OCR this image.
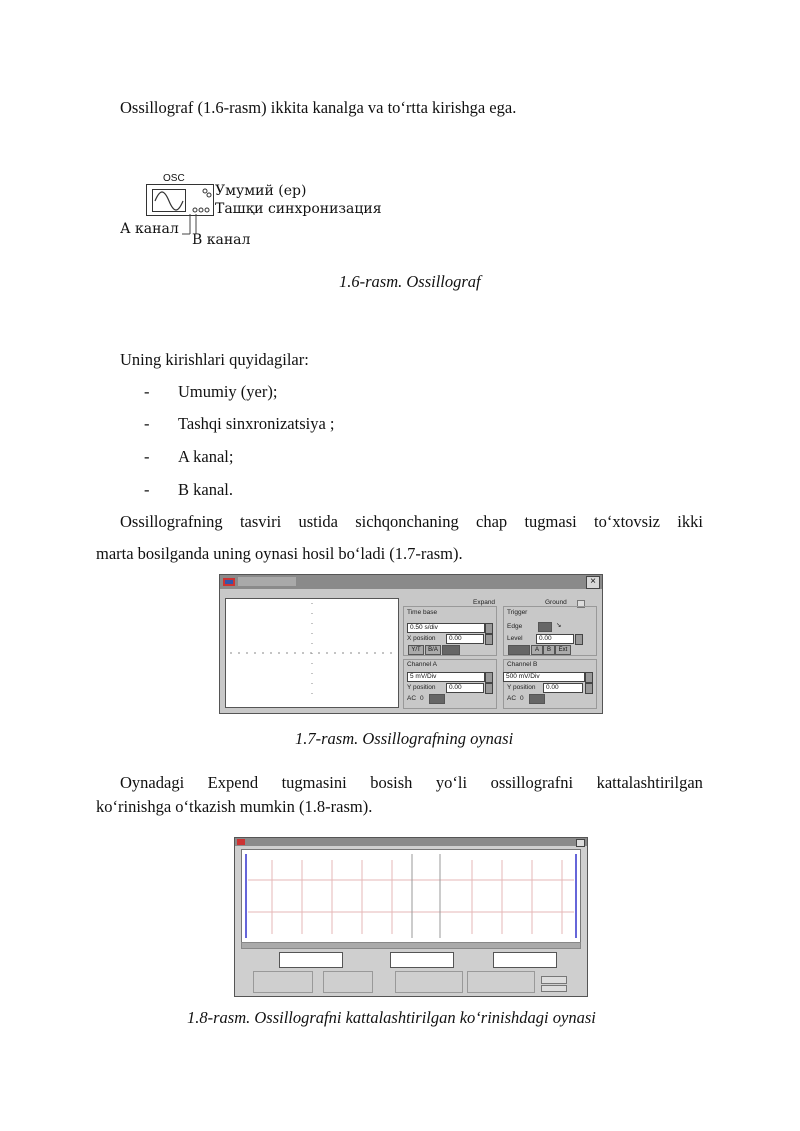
Ossillograf (1.6-rasm) ikkita kanalga va to‘rtta kirishga ega.
OSC
Умумий (ер)
Ташқи синхронизация
А канал
В канал
1.6-rasm. Ossillograf
Uning kirishlari quyidagilar:
- Umumiy (yer);
- Tashqi sinxronizatsiya ;
- A kanal;
- B kanal.
Ossillografning tasviri ustida sichqonchaning chap tugmasi to‘xtovsiz ikki
marta bosilganda uning oynasi hosil bo‘ladi (1.7-rasm).
×
Expand	Ground
Time base
0.50 s/div
X position	0.00
Y/T	B/A
Trigger
Edge	↘
Level	0.00
A	B	Ext
Channel A
5 mV/Div
Y position	0.00
AC 0
Channel B
500 mV/Div
Y position	0.00
AC 0
1.7-rasm. Ossillografning oynasi
Oynadagi Expend tugmasini bosish yo‘li ossillografni kattalashtirilgan
ko‘rinishga o‘tkazish mumkin (1.8-rasm).
1.8-rasm. Ossillografni kattalashtirilgan ko‘rinishdagi oynasi
